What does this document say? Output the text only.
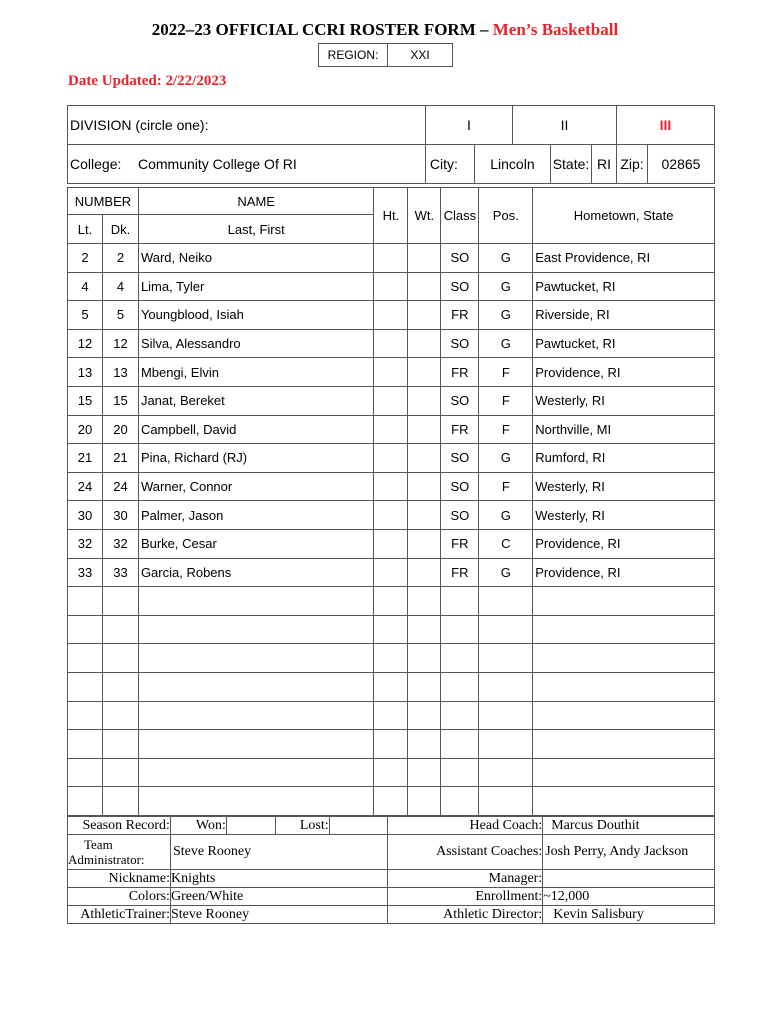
2022–23 OFFICIAL CCRI ROSTER FORM – Men’s Basketball
REGION:	XXI
Date Updated: 2/22/2023
DIVISION (circle one):		I		II			III	
College:	Community College Of RI	City:	Lincoln		State:	RI	Zip:	02865
NUMBER		NAME	Ht.	Wt.	Class	Pos.	Hometown, State
Lt.	Dk.	Last, First					
2	2	Ward, Neiko			SO	G	East Providence, RI
4	4	Lima, Tyler			SO	G	Pawtucket, RI
5	5	Youngblood, Isiah			FR	G	Riverside, RI
12	12	Silva, Alessandro			SO	G	Pawtucket, RI
13	13	Mbengi, Elvin			FR	F	Providence, RI
15	15	Janat, Bereket			SO	F	Westerly, RI
20	20	Campbell, David			FR	F	Northville, MI
21	21	Pina, Richard (RJ)			SO	G	Rumford, RI
24	24	Warner, Connor			SO	F	Westerly, RI
30	30	Palmer, Jason			SO	G	Westerly, RI
32	32	Burke, Cesar			FR	C	Providence, RI
33	33	Garcia, Robens			FR	G	Providence, RI

Season Record:	Won:		Lost:		Head Coach:	Marcus Douthit

Team
Administrator:	Steve Rooney				Assistant Coaches:	Josh Perry, Andy Jackson
Nickname:	Knights				Manager:	
Colors:	Green/White				Enrollment:	~12,000
AthleticTrainer:	Steve Rooney				Athletic Director:	Kevin Salisbury
